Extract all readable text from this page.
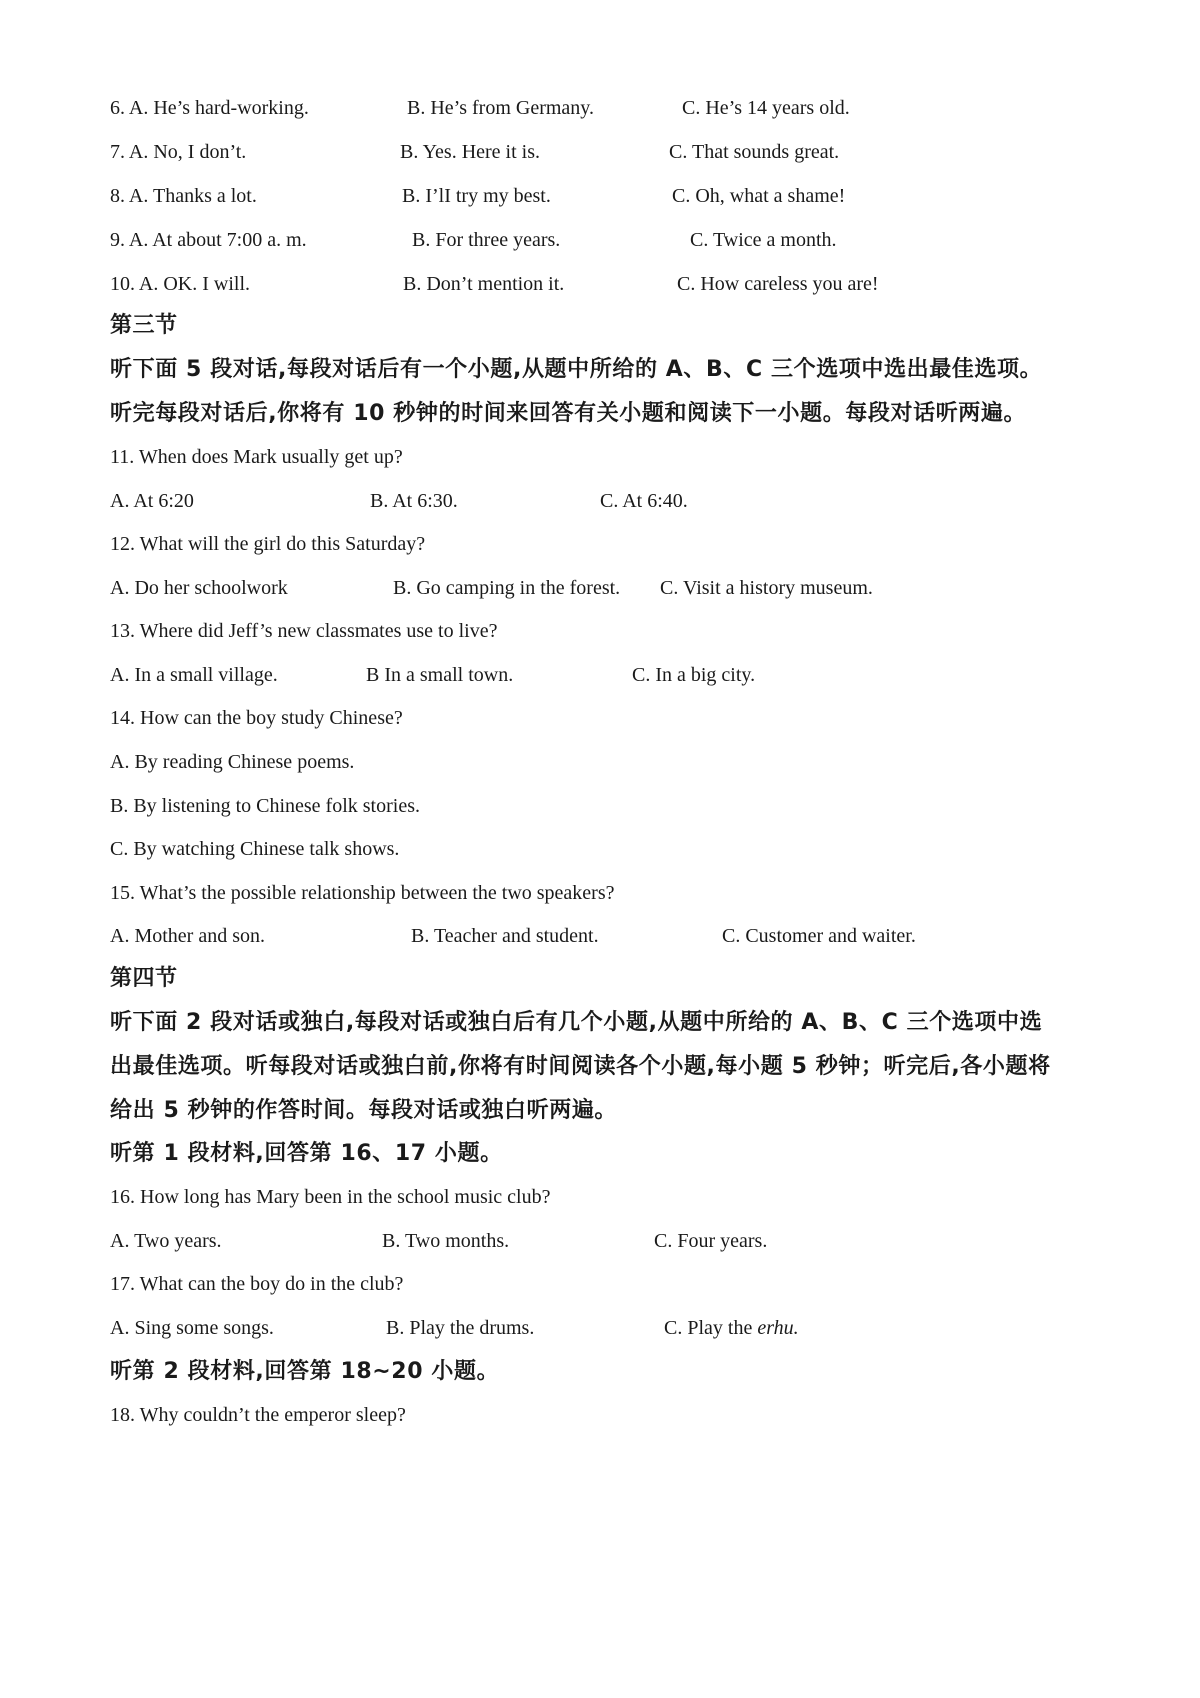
6. A. He’s hard-working.	B. He’s from Germany.	C. He’s 14 years old.
7. A. No, I don’t.	B. Yes. Here it is.	C. That sounds great.
8. A. Thanks a lot.	B. I’lI try my best.	C. Oh, what a shame!
9. A. At about 7:00 a. m.	B. For three years.	C. Twice a month.
10. A. OK. I will.	B. Don’t mention it.	C. How careless you are!
第三节
听下面 5 段对话,每段对话后有一个小题,从题中所给的 A、B、C 三个选项中选出最佳选项。
听完每段对话后,你将有 10 秒钟的时间来回答有关小题和阅读下一小题。每段对话听两遍。
11. When does Mark usually get up?
A. At 6:20	B. At 6:30.	C. At 6:40.
12. What will the girl do this Saturday?
A. Do her schoolwork	B. Go camping in the forest. C. Visit a history museum.
13. Where did Jeff’s new classmates use to live?
A. In a small village.	B In a small town.	C. In a big city.
14. How can the boy study Chinese?
A. By reading Chinese poems.
B. By listening to Chinese folk stories.
C. By watching Chinese talk shows.
15. What’s the possible relationship between the two speakers?
A. Mother and son.	B. Teacher and student.	C. Customer and waiter.
第四节
听下面 2 段对话或独白,每段对话或独白后有几个小题,从题中所给的 A、B、C 三个选项中选
出最佳选项。听每段对话或独白前,你将有时间阅读各个小题,每小题 5 秒钟；听完后,各小题将
给出 5 秒钟的作答时间。每段对话或独白听两遍。
听第 1 段材料,回答第 16、17 小题。
16. How long has Mary been in the school music club?
A. Two years.	B. Two months.	C. Four years.
17. What can the boy do in the club?
A. Sing some songs.	B. Play the drums.	C. Play the erhu.
听第 2 段材料,回答第 18~20 小题。
18. Why couldn’t the emperor sleep?
